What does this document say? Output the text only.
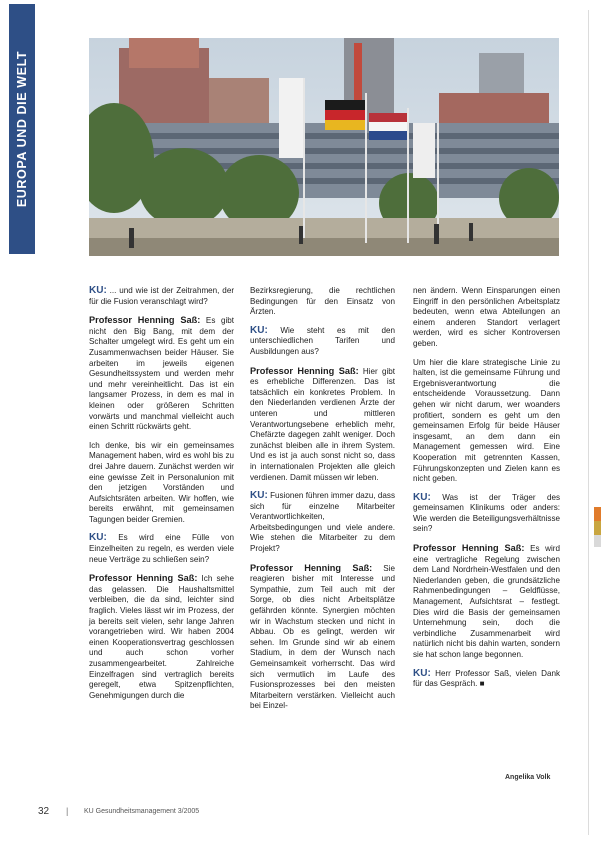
EUROPA UND DIE WELT

KU: ... und wie ist der Zeitrahmen, der für die Fusion veranschlagt wird?

Professor Henning Saß: Es gibt nicht den Big Bang, mit dem der Schalter umgelegt wird. Es geht um ein Zusammenwachsen beider Häuser. Sie arbeiten im jeweils eigenen Gesundheitssystem und werden mehr und mehr vereinheitlicht. Das ist ein langsamer Prozess, in dem es mal in kleinen oder größeren Schritten vorwärts und manchmal vielleicht auch einen Schritt rückwärts geht.

Ich denke, bis wir ein gemeinsames Management haben, wird es wohl bis zu drei Jahre dauern. Zunächst werden wir eine gewisse Zeit in Personalunion mit den jetzigen Vorständen und Aufsichtsräten arbeiten. Wir hoffen, wie bereits erwähnt, mit gemeinsamen Tagungen beider Gremien.

KU: Es wird eine Fülle von Einzelheiten zu regeln, es werden viele neue Verträge zu schließen sein?

Professor Henning Saß: Ich sehe das gelassen. Die Haushaltsmittel verbleiben, die da sind, leichter sind fraglich. Vieles lässt wir im Prozess, der ja bereits seit vielen, sehr lange Jahren vorangetrieben wird. Wir haben 2004 einen Kooperationsvertrag geschlossen und auch schon vorher zusammengearbeitet. Zahlreiche Einzelfragen sind vertraglich bereits geregelt, etwa Spitzenpflichten, Genehmigungen durch die

Bezirksregierung, die rechtlichen Bedingungen für den Einsatz von Ärzten.

KU: Wie steht es mit den unterschiedlichen Tarifen und Ausbildungen aus?

Professor Henning Saß: Hier gibt es erhebliche Differenzen. Das ist tatsächlich ein konkretes Problem. In den Niederlanden verdienen Ärzte der unteren und mittleren Verantwortungsebene erheblich mehr, Chefärzte dagegen zahlt weniger. Doch zunächst bleiben alle in ihrem System. Und es ist ja auch sonst nicht so, dass in internationalen Projekten alle gleich verdienen. Damit müssen wir leben.

KU: Fusionen führen immer dazu, dass sich für einzelne Mitarbeiter Verantwortlichkeiten, Arbeitsbedingungen und viele andere. Wie stehen die Mitarbeiter zu dem Projekt?

Professor Henning Saß: Sie reagieren bisher mit Interesse und Sympathie, zum Teil auch mit der Sorge, ob dies nicht Arbeitsplätze gefährden könnte. Synergien möchten wir in Wachstum stecken und nicht in Abbau. Ob es gelingt, werden wir sehen. Im Grunde sind wir ab einem Stadium, in dem der Wunsch nach Gemeinsamkeit vorherrscht. Das wird sich vermutlich im Laufe des Fusionsprozesses bei den meisten Mitarbeitern verstärken. Vielleicht auch bei Einzel-

nen ändern. Wenn Einsparungen einen Eingriff in den persönlichen Arbeitsplatz bedeuten, wenn etwa Abteilungen an einem anderen Standort verlagert werden, wird es sicher Kontroversen geben.

Um hier die klare strategische Linie zu halten, ist die gemeinsame Führung und Ergebnisverantwortung die entscheidende Voraussetzung. Dann gehen wir nicht darum, wer woanders profitiert, sondern es geht um den gemeinsamen Erfolg für beide Häuser insgesamt, an dem dann ein Management gemessen wird. Eine Kooperation mit getrennten Kassen, Führungskonzepten und Zielen kann es nicht geben.

KU: Was ist der Träger des gemeinsamen Klinikums oder anders: Wie werden die Beteiligungsverhältnisse sein?

Professor Henning Saß: Es wird eine vertragliche Regelung zwischen dem Land Nordrhein-Westfalen und den Niederlanden geben, die grundsätzliche Rahmenbedingungen – Geldflüsse, Management, Aufsichtsrat – festlegt. Dies wird die Basis der gemeinsamen Unternehmung sein, doch die verbindliche Zusammenarbeit wird natürlich nicht bis dahin warten, sondern sie hat schon lange begonnen.

KU: Herr Professor Saß, vielen Dank für das Gespräch. ■

Angelika Volk
32 | KU Gesundheitsmanagement 3/2005
